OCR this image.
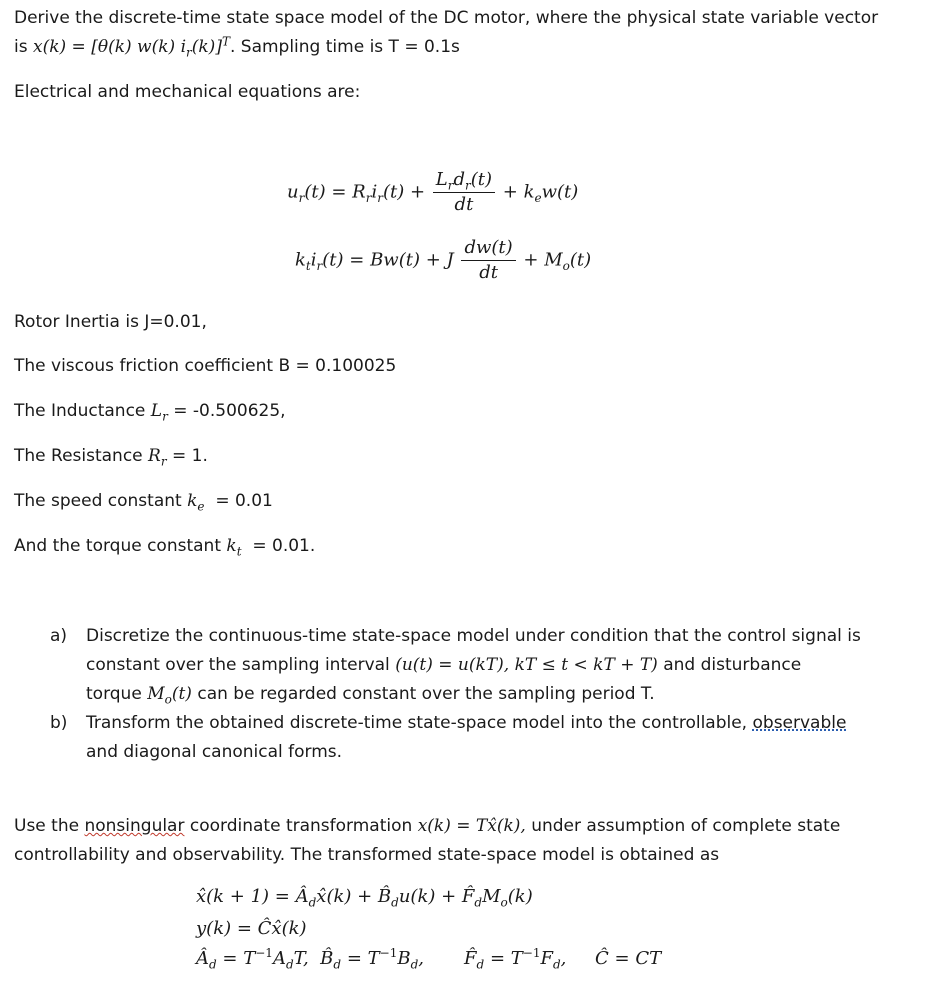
Derive the discrete-time state space model of the DC motor, where the physical state variable vector
is x(k) = [θ(k) w(k) $i_r(k)]^T$. Sampling time is T = 0.1s
Electrical and mechanical equations are:
$u_r(t) = R_ri_r(t) + \frac{L_rd_r(t)}{dt} + k_ew(t)$
$k_ti_r(t) = Bw(t) + J \frac{dw(t)}{dt} + M_o(t)$
Rotor Inertia is J=0.01,
The viscous friction coefficient B = 0.100025
The Inductance $L_r = -0.500625$,
The Resistance $R_r = 1$.
The speed constant $k_e = 0.01$
And the torque constant $k_t = 0.01$.
a) Discretize the continuous-time state-space model under condition that the control signal is
constant over the sampling interval (u(t) = u(kT), kT ≤ t < kT + T) and disturbance
torque $M_o(t)$ can be regarded constant over the sampling period T.
b) Transform the obtained discrete-time state-space model into the controllable, observable
and diagonal canonical forms.
Use the nonsingular coordinate transformation x(k) = Tx̂(k), under assumption of complete state
controllability and observability. The transformed state-space model is obtained as
x̂(k + $1) = Â_dx̂(k)$ + $B̂_du(k)$ + $F̂_dM_o(k)$
y(k) = Ĉx̂(k)
$Â_d = T^{-1}A_dT$, $B̂_d = T^{-1}B_d$,       $F̂_d = T^{-1}F_d$,     Ĉ = CT
